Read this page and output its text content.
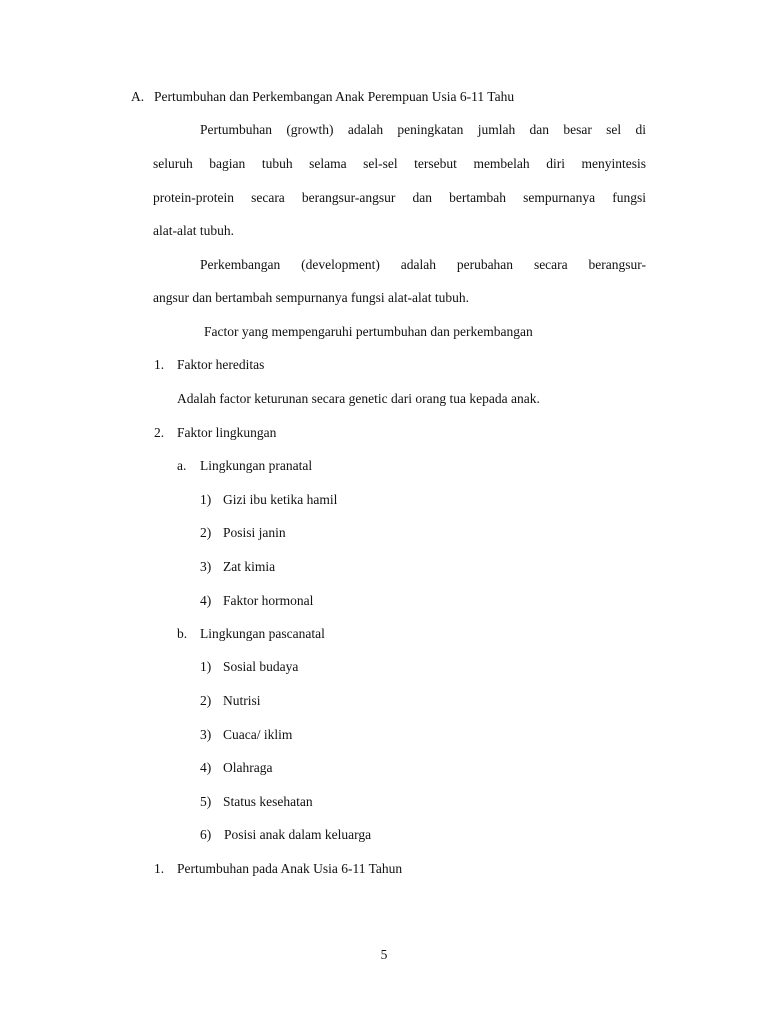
A. Pertumbuhan dan Perkembangan Anak Perempuan Usia 6-11 Tahu
Pertumbuhan (growth) adalah peningkatan jumlah dan besar sel di
seluruh bagian tubuh selama sel-sel tersebut membelah diri menyintesis
protein-protein secara berangsur-angsur dan bertambah sempurnanya fungsi
alat-alat tubuh.
Perkembangan (development) adalah perubahan secara berangsur-
angsur dan bertambah sempurnanya fungsi alat-alat tubuh.
Factor yang mempengaruhi pertumbuhan dan perkembangan
1. Faktor hereditas
Adalah factor keturunan secara genetic dari orang tua kepada anak.
2. Faktor lingkungan
a. Lingkungan pranatal
1) Gizi ibu ketika hamil
2) Posisi janin
3) Zat kimia
4) Faktor hormonal
b. Lingkungan pascanatal
1) Sosial budaya
2) Nutrisi
3) Cuaca/ iklim
4) Olahraga
5) Status kesehatan
6) Posisi anak dalam keluarga
1. Pertumbuhan pada Anak Usia 6-11 Tahun
5
